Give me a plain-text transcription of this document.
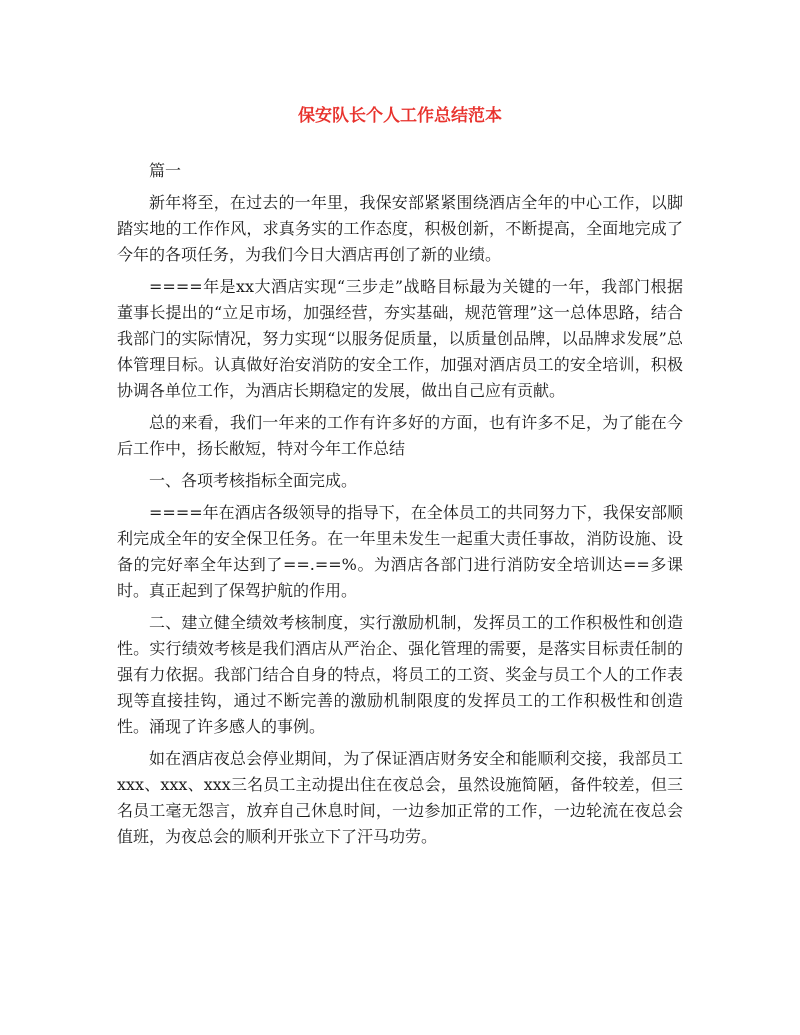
保安队长个人工作总结范本

篇一

新年将至，在过去的一年里，我保安部紧紧围绕酒店全年的中心工作，以脚踏实地的工作作风，求真务实的工作态度，积极创新，不断提高，全面地完成了今年的各项任务，为我们今日大酒店再创了新的业绩。

====年是xx大酒店实现“三步走”战略目标最为关键的一年，我部门根据董事长提出的“立足市场，加强经营，夯实基础，规范管理”这一总体思路，结合我部门的实际情况，努力实现“以服务促质量，以质量创品牌，以品牌求发展”总体管理目标。认真做好治安消防的安全工作，加强对酒店员工的安全培训，积极协调各单位工作，为酒店长期稳定的发展，做出自己应有贡献。

总的来看，我们一年来的工作有许多好的方面，也有许多不足，为了能在今后工作中，扬长敝短，特对今年工作总结

一、各项考核指标全面完成。

====年在酒店各级领导的指导下，在全体员工的共同努力下，我保安部顺利完成全年的安全保卫任务。在一年里未发生一起重大责任事故，消防设施、设备的完好率全年达到了==.==%。为酒店各部门进行消防安全培训达==多课时。真正起到了保驾护航的作用。

二、建立健全绩效考核制度，实行激励机制，发挥员工的工作积极性和创造性。实行绩效考核是我们酒店从严治企、强化管理的需要，是落实目标责任制的强有力依据。我部门结合自身的特点，将员工的工资、奖金与员工个人的工作表现等直接挂钩，通过不断完善的激励机制限度的发挥员工的工作积极性和创造性。涌现了许多感人的事例。

如在酒店夜总会停业期间，为了保证酒店财务安全和能顺利交接，我部员工xxx、xxx、xxx三名员工主动提出住在夜总会，虽然设施简陋，备件较差，但三名员工毫无怨言，放弃自己休息时间，一边参加正常的工作，一边轮流在夜总会值班，为夜总会的顺利开张立下了汗马功劳。
